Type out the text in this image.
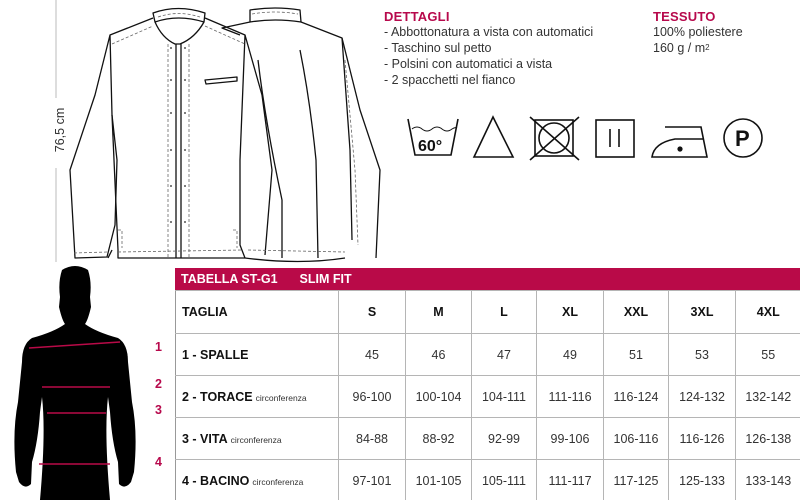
76,5 cm
DETTAGLI
- Abbottonatura a vista con automatici
- Taschino sul petto
- Polsini con automatici a vista
- 2 spacchetti nel fianco
TESSUTO

100% poliestere

160 g / $m^2$

60°	P
1
2
3
4
TABELLA ST-G1 SLIM FIT
TAGLIA	S	M	L	XL	XXL	3XL	4XL
1 - SPALLE	45	46	47	49	51	53	55
2 - TORACE circonferenza	96-100	100-104	104-111	111-116	116-124	124-132	132-142
3 - VITA circonferenza	84-88	88-92	92-99	99-106	106-116	116-126	126-138
4 - BACINO circonferenza	97-101	101-105	105-111	111-117	117-125	125-133	133-143
